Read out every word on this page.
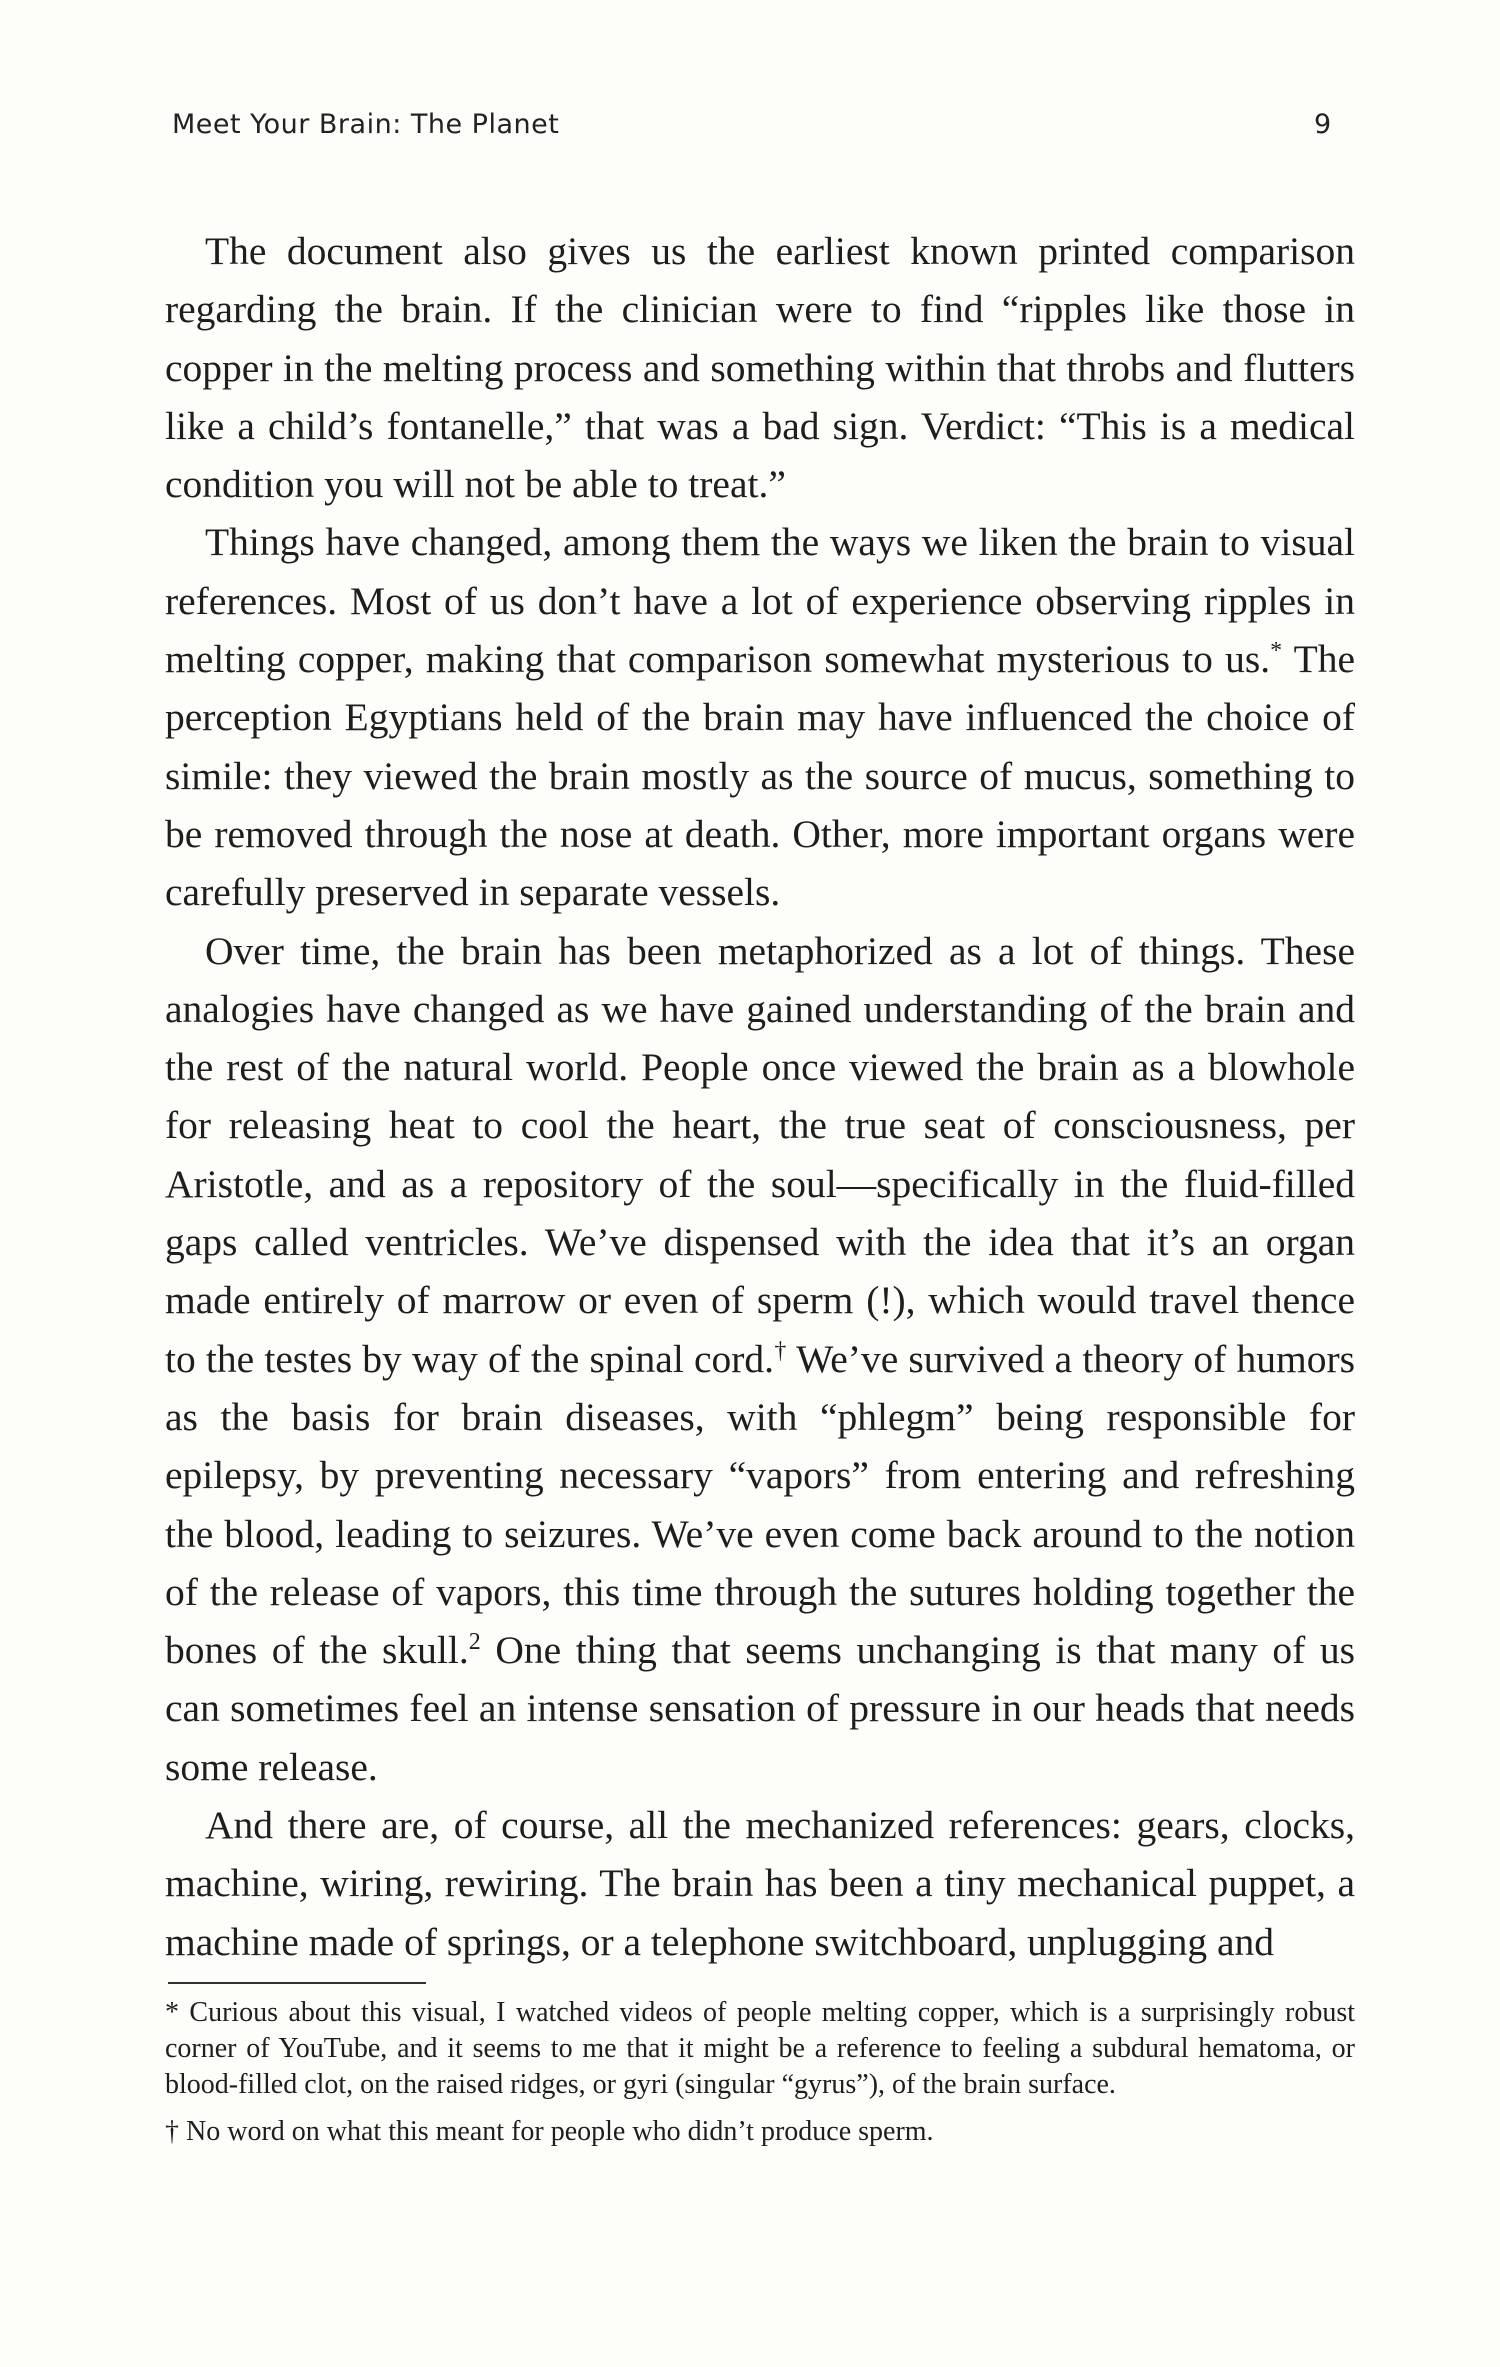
Meet Your Brain: The Planet	9

The document also gives us the earliest known printed comparison regarding the brain. If the clinician were to find “ripples like those in copper in the melting process and something within that throbs and flutters like a child’s fontanelle,” that was a bad sign. Verdict: “This is a medical condition you will not be able to treat.”

Things have changed, among them the ways we liken the brain to visual references. Most of us don’t have a lot of experience observing ripples in melting copper, making that comparison somewhat mysterious to us.* The perception Egyptians held of the brain may have influenced the choice of simile: they viewed the brain mostly as the source of mucus, something to be removed through the nose at death. Other, more important organs were carefully preserved in separate vessels.

Over time, the brain has been metaphorized as a lot of things. These analogies have changed as we have gained understanding of the brain and the rest of the natural world. People once viewed the brain as a blowhole for releasing heat to cool the heart, the true seat of consciousness, per Aristotle, and as a repository of the soul—specifically in the fluid-filled gaps called ventricles. We’ve dispensed with the idea that it’s an organ made entirely of marrow or even of sperm (!), which would travel thence to the testes by way of the spinal cord.† We’ve survived a theory of humors as the basis for brain diseases, with “phlegm” being responsible for epilepsy, by preventing necessary “vapors” from entering and refreshing the blood, leading to seizures. We’ve even come back around to the notion of the release of vapors, this time through the sutures holding together the bones of the skull.$^2$ One thing that seems unchanging is that many of us can sometimes feel an intense sensation of pressure in our heads that needs some release.

And there are, of course, all the mechanized references: gears, clocks, machine, wiring, rewiring. The brain has been a tiny mechanical puppet, a machine made of springs, or a telephone switchboard, unplugging and

* Curious about this visual, I watched videos of people melting copper, which is a surprisingly robust corner of YouTube, and it seems to me that it might be a reference to feeling a subdural hematoma, or blood-filled clot, on the raised ridges, or gyri (singular “gyrus”), of the brain surface.

† No word on what this meant for people who didn’t produce sperm.
